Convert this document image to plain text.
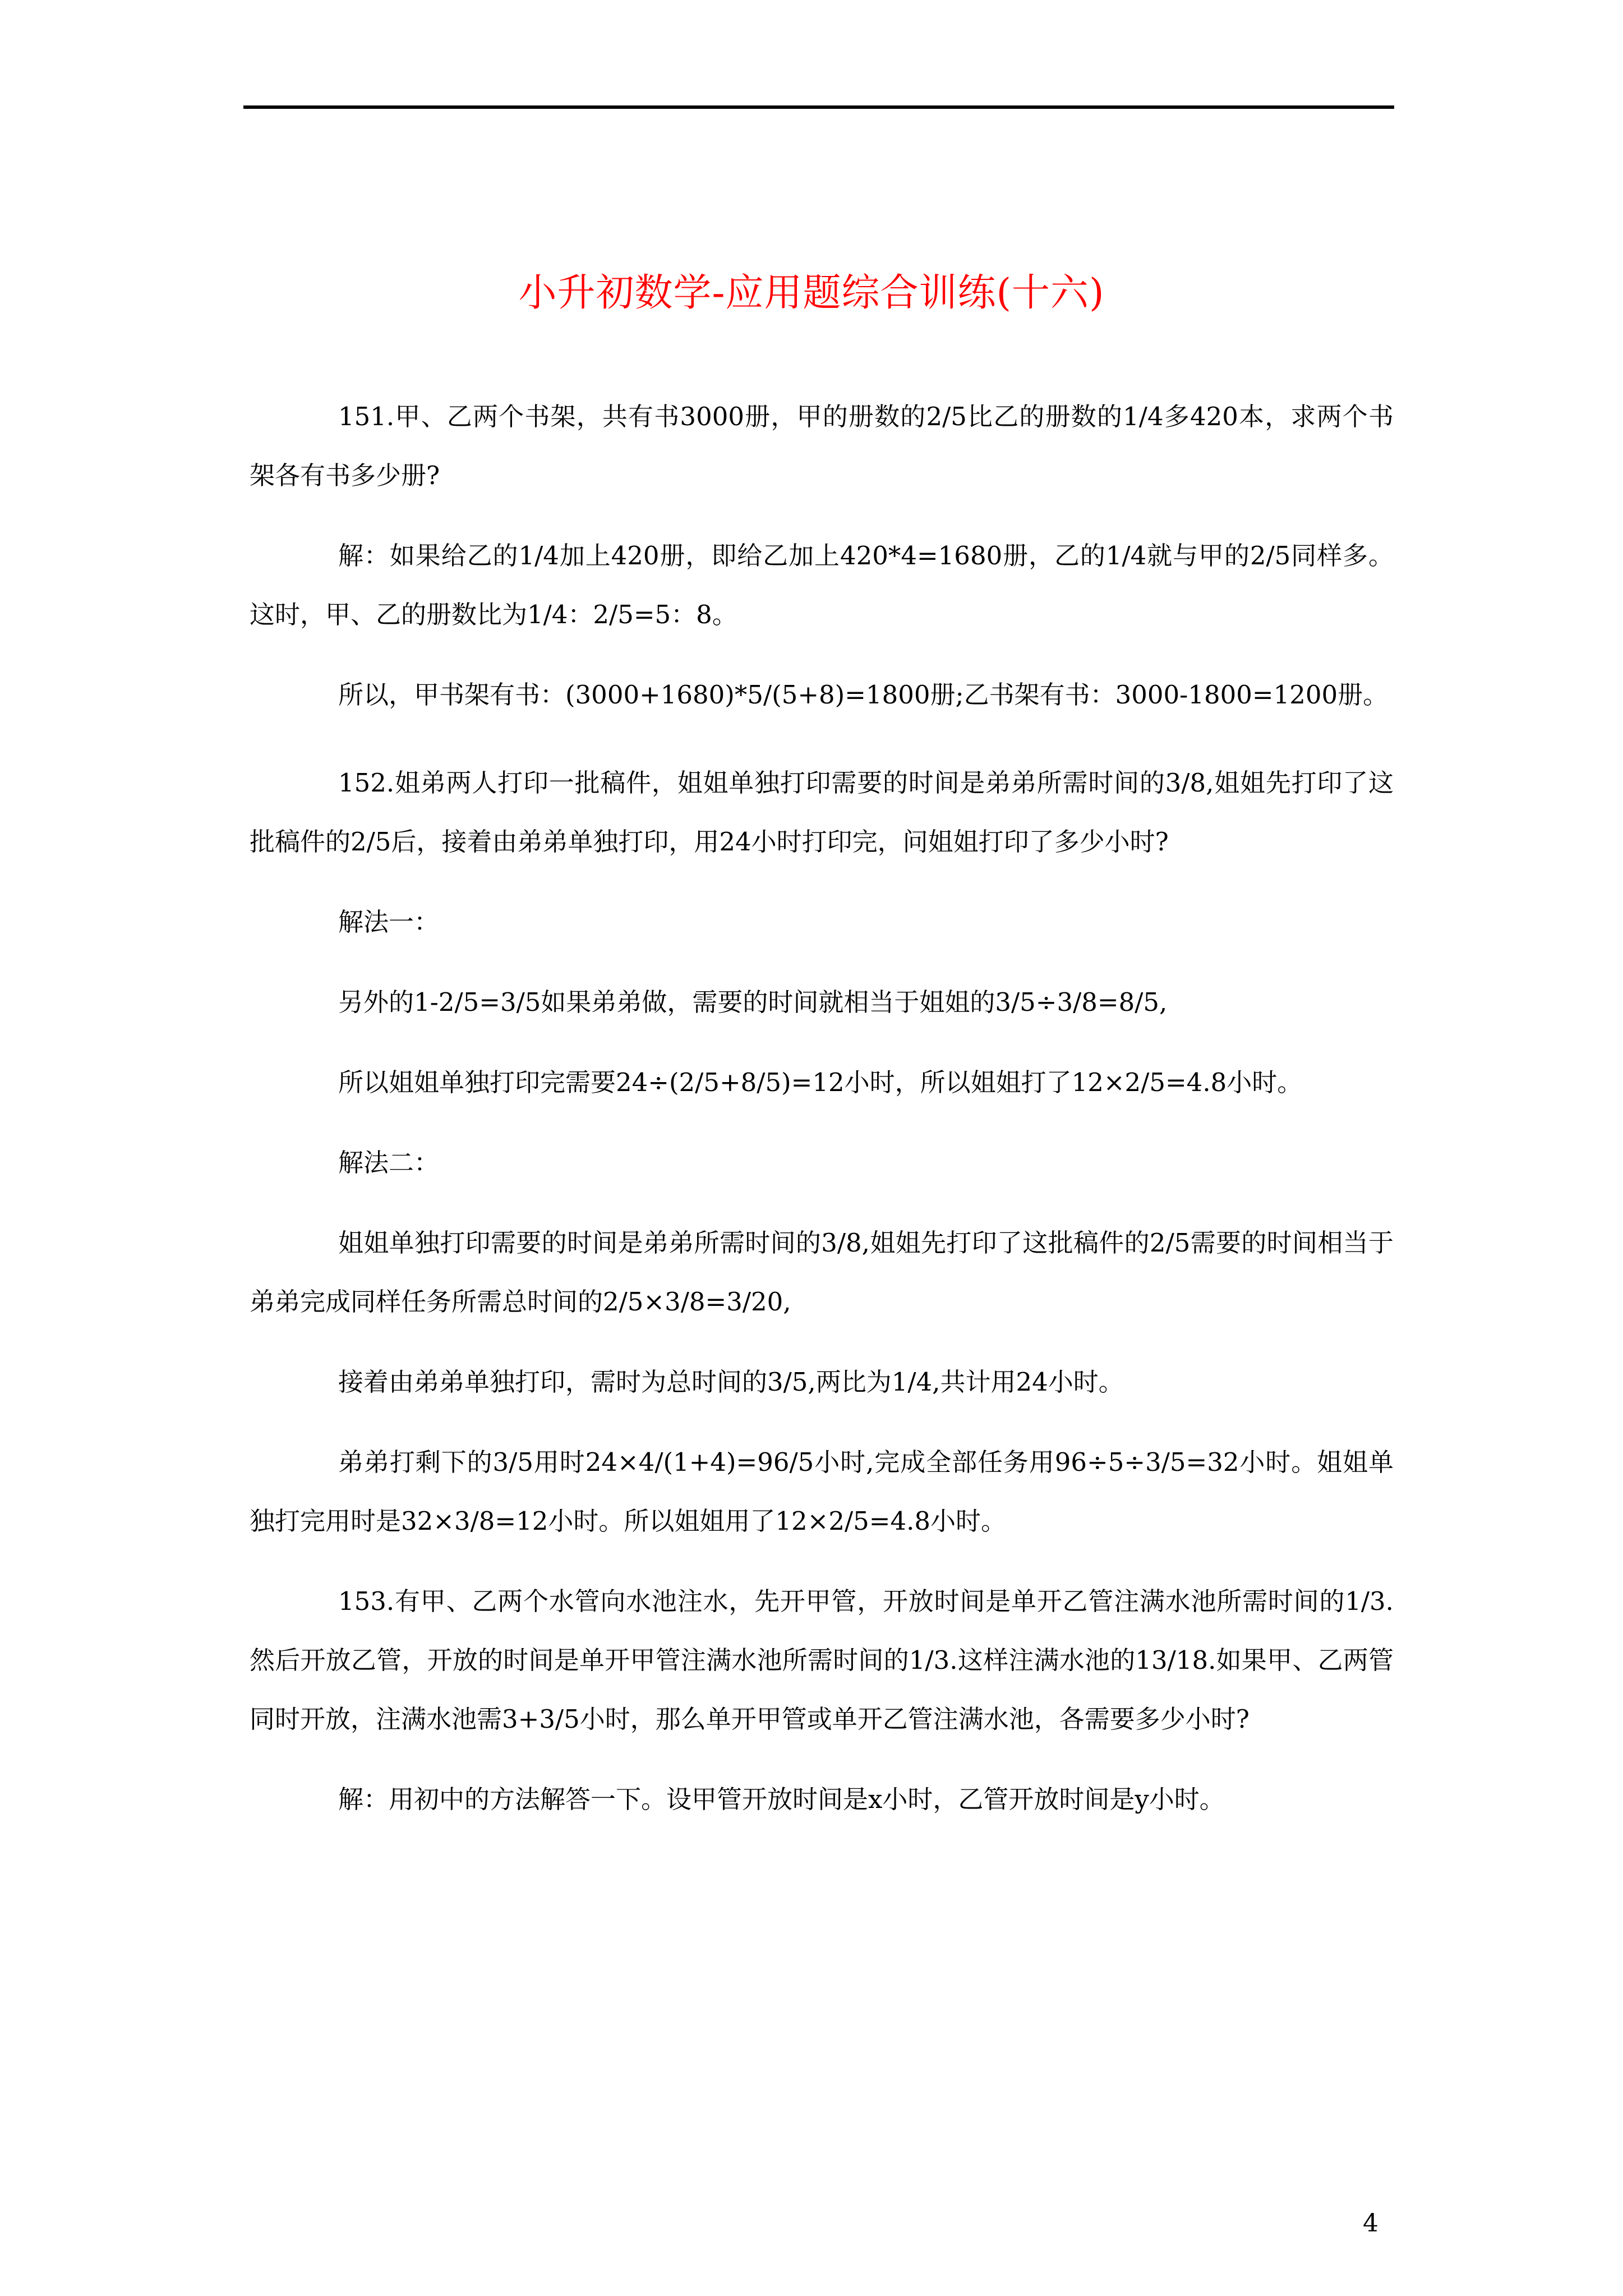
小升初数学-应用题综合训练(十六)

151.甲、乙两个书架，共有书3000册，甲的册数的2/5比乙的册数的1/4多420本，求两个书架各有书多少册?

解：如果给乙的1/4加上420册，即给乙加上420*4=1680册，乙的1/4就与甲的2/5同样多。这时，甲、乙的册数比为1/4：2/5=5：8。

所以，甲书架有书：(3000+1680)*5/(5+8)=1800册;乙书架有书：3000-1800=1200册。

152.姐弟两人打印一批稿件，姐姐单独打印需要的时间是弟弟所需时间的3/8,姐姐先打印了这批稿件的2/5后，接着由弟弟单独打印，用24小时打印完，问姐姐打印了多少小时?

解法一：

另外的1-2/5=3/5如果弟弟做，需要的时间就相当于姐姐的3/5÷3/8=8/5,

所以姐姐单独打印完需要24÷(2/5+8/5)=12小时，所以姐姐打了12×2/5=4.8小时。

解法二：

姐姐单独打印需要的时间是弟弟所需时间的3/8,姐姐先打印了这批稿件的2/5需要的时间相当于弟弟完成同样任务所需总时间的2/5×3/8=3/20,

接着由弟弟单独打印，需时为总时间的3/5,两比为1/4,共计用24小时。

弟弟打剩下的3/5用时24×4/(1+4)=96/5小时,完成全部任务用96÷5÷3/5=32小时。姐姐单独打完用时是32×3/8=12小时。所以姐姐用了12×2/5=4.8小时。

153.有甲、乙两个水管向水池注水，先开甲管，开放时间是单开乙管注满水池所需时间的1/3.然后开放乙管，开放的时间是单开甲管注满水池所需时间的1/3.这样注满水池的13/18.如果甲、乙两管同时开放，注满水池需3+3/5小时，那么单开甲管或单开乙管注满水池，各需要多少小时?

解：用初中的方法解答一下。设甲管开放时间是x小时，乙管开放时间是y小时。

4
